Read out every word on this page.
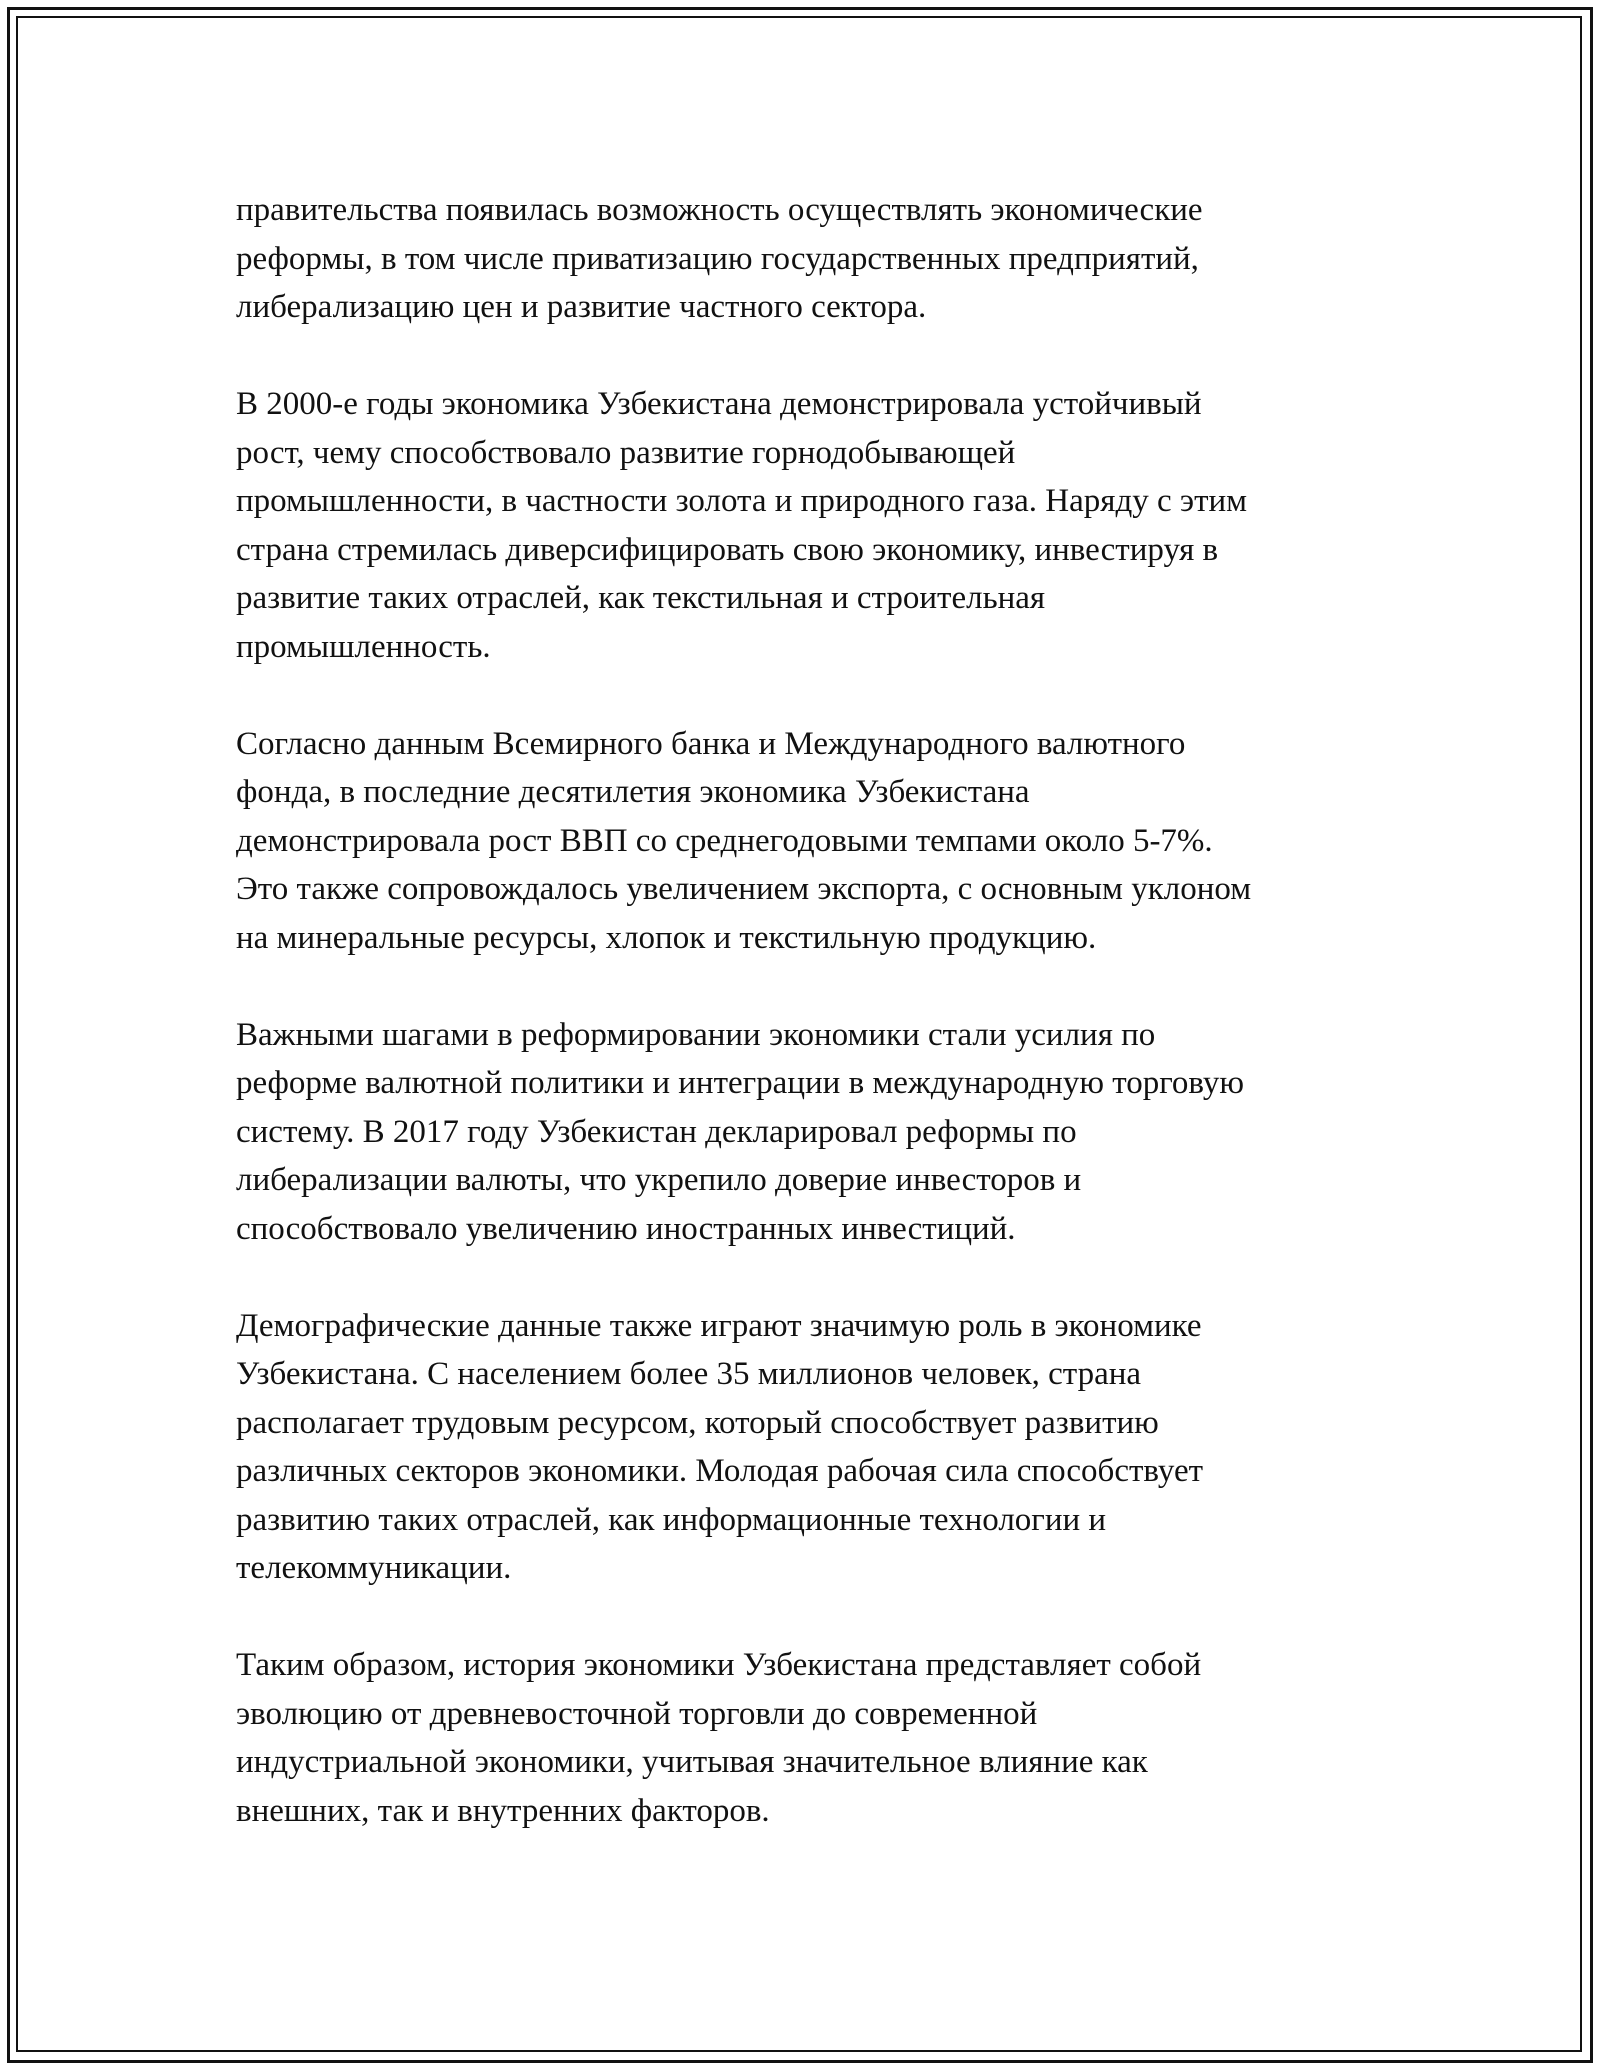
правительства появилась возможность осуществлять экономические
реформы, в том числе приватизацию государственных предприятий,
либерализацию цен и развитие частного сектора.

В 2000-е годы экономика Узбекистана демонстрировала устойчивый
рост, чему способствовало развитие горнодобывающей
промышленности, в частности золота и природного газа. Наряду с этим
страна стремилась диверсифицировать свою экономику, инвестируя в
развитие таких отраслей, как текстильная и строительная
промышленность.

Согласно данным Всемирного банка и Международного валютного
фонда, в последние десятилетия экономика Узбекистана
демонстрировала рост ВВП со среднегодовыми темпами около 5-7%.
Это также сопровождалось увеличением экспорта, с основным уклоном
на минеральные ресурсы, хлопок и текстильную продукцию.

Важными шагами в реформировании экономики стали усилия по
реформе валютной политики и интеграции в международную торговую
систему. В 2017 году Узбекистан декларировал реформы по
либерализации валюты, что укрепило доверие инвесторов и
способствовало увеличению иностранных инвестиций.

Демографические данные также играют значимую роль в экономике
Узбекистана. С населением более 35 миллионов человек, страна
располагает трудовым ресурсом, который способствует развитию
различных секторов экономики. Молодая рабочая сила способствует
развитию таких отраслей, как информационные технологии и
телекоммуникации.

Таким образом, история экономики Узбекистана представляет собой
эволюцию от древневосточной торговли до современной
индустриальной экономики, учитывая значительное влияние как
внешних, так и внутренних факторов.
